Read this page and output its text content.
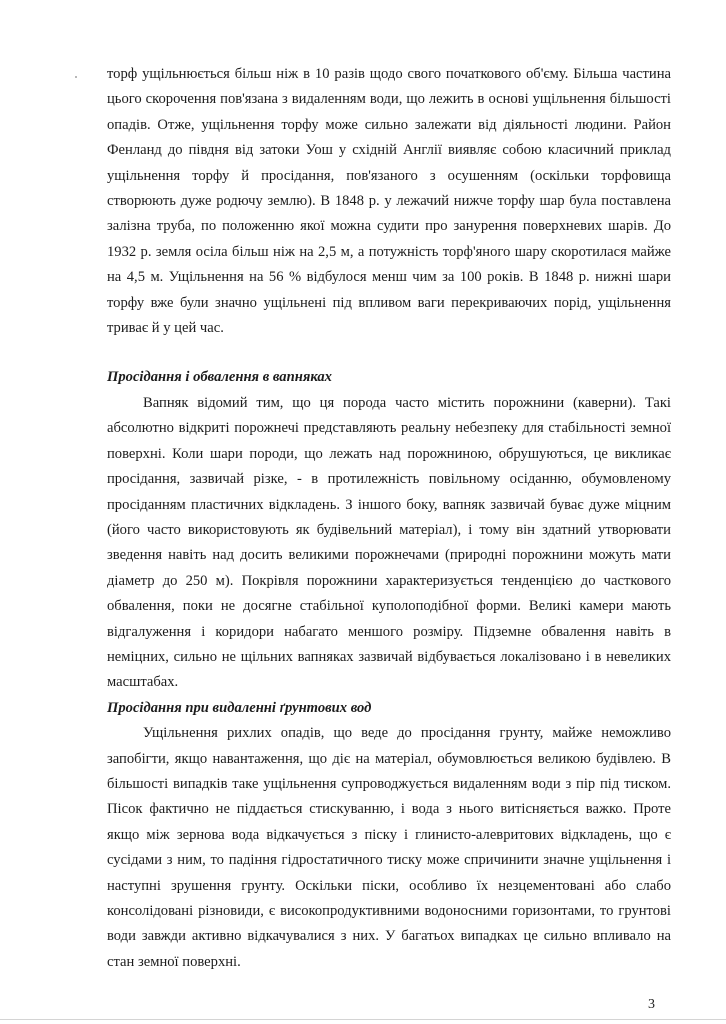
торф ущільнюється більш ніж в 10 разів щодо свого початкового об'єму. Більша частина цього скорочення пов'язана з видаленням води, що лежить в основі ущільнення більшості опадів. Отже, ущільнення торфу може сильно залежати від діяльності людини. Район Фенланд до півдня від затоки Уош у східній Англії виявляє собою класичний приклад ущільнення торфу й просідання, пов'язаного з осушенням (оскільки торфовища створюють дуже родючу землю). В 1848 р. у лежачий нижче торфу шар була поставлена залізна труба, по положенню якої можна судити про занурення поверхневих шарів. До 1932 р. земля осіла більш ніж на 2,5 м, а потужність торф'яного шару скоротилася майже на 4,5 м. Ущільнення на 56 % відбулося менш чим за 100 років. В 1848 р. нижні шари торфу вже були значно ущільнені під впливом ваги перекриваючих порід, ущільнення триває й у цей час.

Просідання і обвалення в вапняках

Вапняк відомий тим, що ця порода часто містить порожнини (каверни). Такі абсолютно відкриті порожнечі представляють реальну небезпеку для стабільності земної поверхні. Коли шари породи, що лежать над порожниною, обрушуються, це викликає просідання, зазвичай різке, - в протилежність повільному осіданню, обумовленому просіданням пластичних відкладень. З іншого боку, вапняк зазвичай буває дуже міцним (його часто використовують як будівельний матеріал), і тому він здатний утворювати зведення навіть над досить великими порожнечами (природні порожнини можуть мати діаметр до 250 м). Покрівля порожнини характеризується тенденцією до часткового обвалення, поки не досягне стабільної куполоподібної форми. Великі камери мають відгалуження і коридори набагато меншого розміру. Підземне обвалення навіть в неміцних, сильно не щільних вапняках зазвичай відбувається локалізовано і в невеликих масштабах.

Просідання при видаленні ґрунтових вод

Ущільнення рихлих опадів, що веде до просідання грунту, майже неможливо запобігти, якщо навантаження, що діє на матеріал, обумовлюється великою будівлею. В більшості випадків таке ущільнення супроводжується видаленням води з пір під тиском. Пісок фактично не піддається стискуванню, і вода з нього витісняється важко. Проте якщо між зернова вода відкачується з піску і глинисто-алевритових відкладень, що є сусідами з ним, то падіння гідростатичного тиску може спричинити значне ущільнення і наступні зрушення грунту. Оскільки піски, особливо їх незцементовані або слабо консолідовані різновиди, є високопродуктивними водоносними горизонтами, то грунтові води завжди активно відкачувалися з них. У багатьох випадках це сильно впливало на стан земної поверхні.

3
